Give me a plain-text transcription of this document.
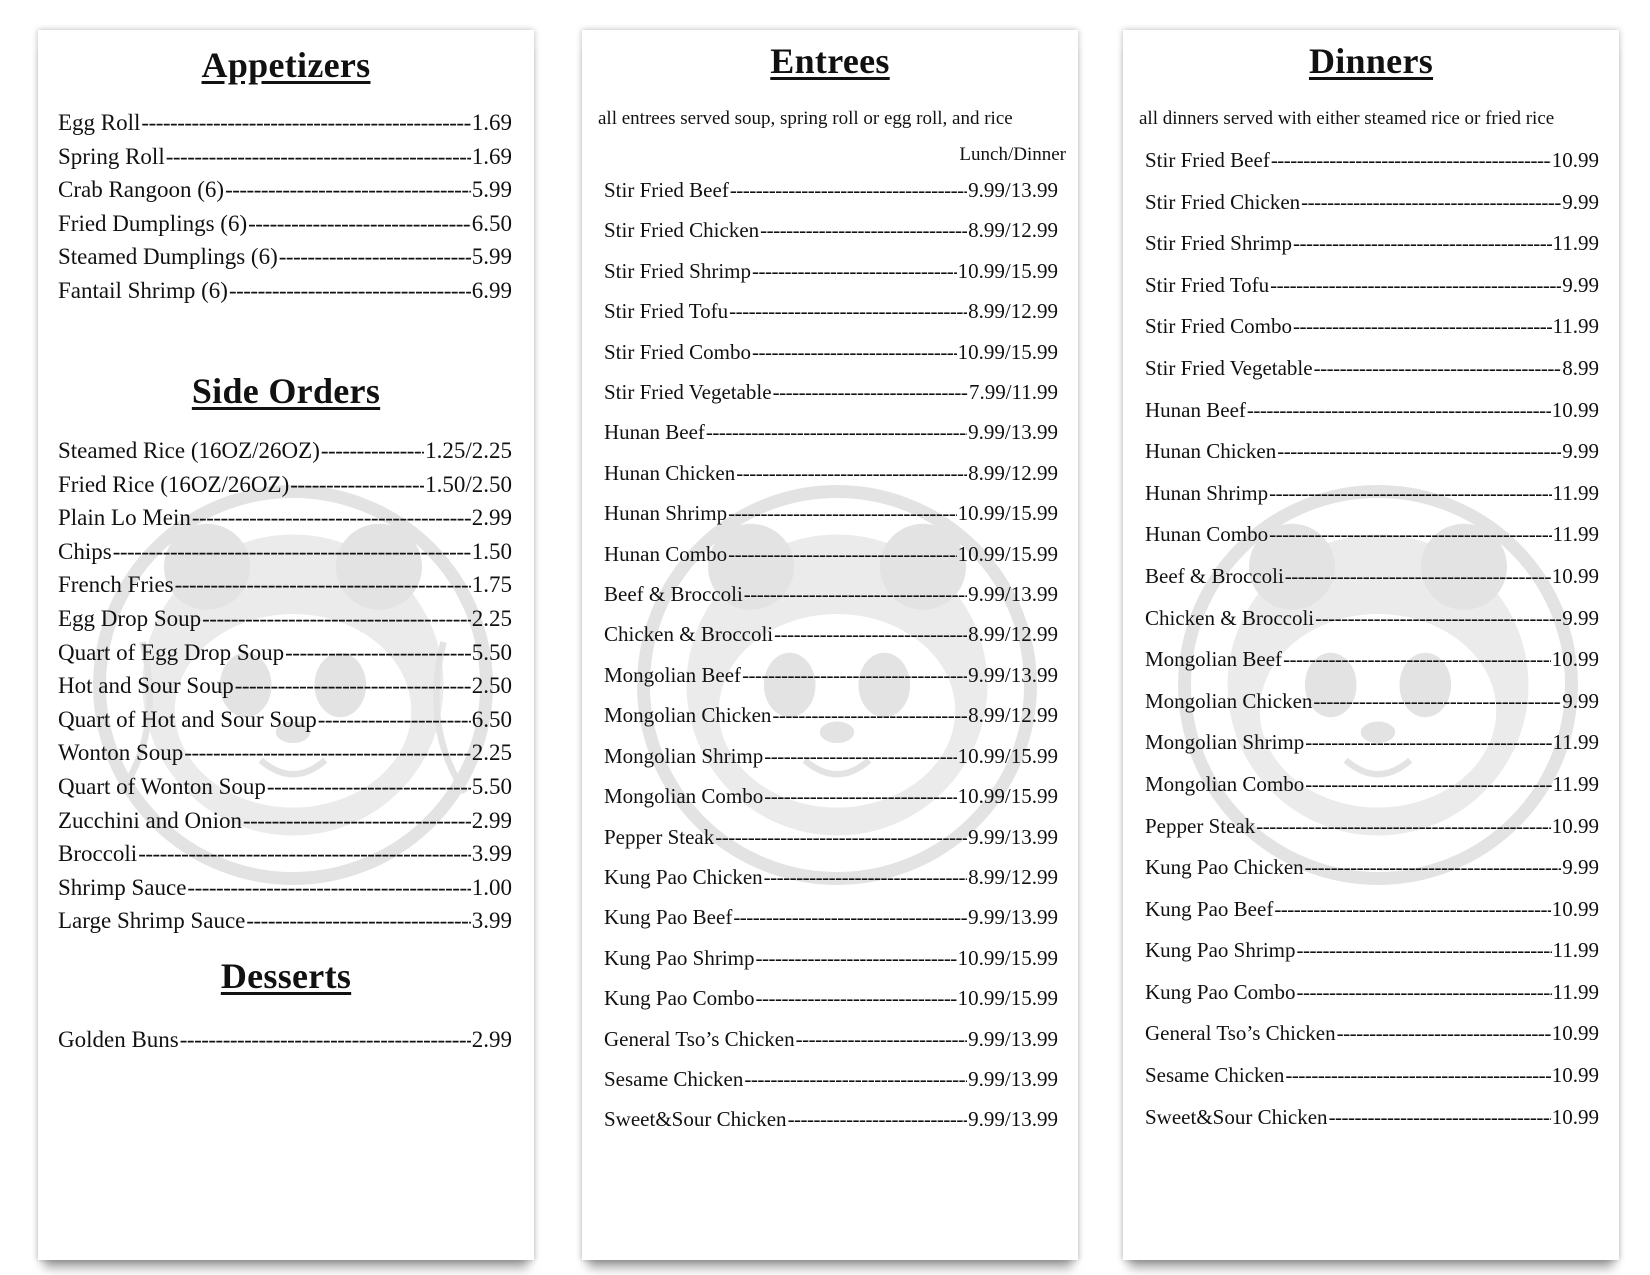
Appetizers
Egg Roll -----	1.69
Spring Roll -----	1.69
Crab Rangoon (6) -----	5.99
Fried Dumplings (6) -----	6.50
Steamed Dumplings (6) -----	5.99
Fantail Shrimp (6) -----	6.99
Side Orders
Steamed Rice (16OZ/26OZ) -----	1.25/2.25
Fried Rice (16OZ/26OZ) -----	1.50/2.50
Plain Lo Mein -----	2.99
Chips -----	1.50
French Fries -----	1.75
Egg Drop Soup -----	2.25
Quart of Egg Drop Soup -----	5.50
Hot and Sour Soup -----	2.50
Quart of Hot and Sour Soup -----	6.50
Wonton Soup -----	2.25
Quart of Wonton Soup -----	5.50
Zucchini and Onion -----	2.99
Broccoli -----	3.99
Shrimp Sauce -----	1.00
Large Shrimp Sauce -----	3.99
Desserts
Golden Buns -----	2.99
Entrees
all entrees served soup, spring roll or egg roll, and rice
Lunch/Dinner
Stir Fried Beef -----	9.99/13.99
Stir Fried Chicken -----	8.99/12.99
Stir Fried Shrimp -----	10.99/15.99
Stir Fried Tofu -----	8.99/12.99
Stir Fried Combo -----	10.99/15.99
Stir Fried Vegetable -----	7.99/11.99
Hunan Beef -----	9.99/13.99
Hunan Chicken -----	8.99/12.99
Hunan Shrimp -----	10.99/15.99
Hunan Combo -----	10.99/15.99
Beef & Broccoli -----	9.99/13.99
Chicken & Broccoli -----	8.99/12.99
Mongolian Beef -----	9.99/13.99
Mongolian Chicken -----	8.99/12.99
Mongolian Shrimp -----	10.99/15.99
Mongolian Combo -----	10.99/15.99
Pepper Steak -----	9.99/13.99
Kung Pao Chicken -----	8.99/12.99
Kung Pao Beef -----	9.99/13.99
Kung Pao Shrimp -----	10.99/15.99
Kung Pao Combo -----	10.99/15.99
General Tso’s Chicken -----	9.99/13.99
Sesame Chicken -----	9.99/13.99
Sweet&Sour Chicken -----	9.99/13.99
Dinners
all dinners served with either steamed rice or fried rice
Stir Fried Beef -----	10.99
Stir Fried Chicken -----	9.99
Stir Fried Shrimp -----	11.99
Stir Fried Tofu -----	9.99
Stir Fried Combo -----	11.99
Stir Fried Vegetable -----	8.99
Hunan Beef -----	10.99
Hunan Chicken -----	9.99
Hunan Shrimp -----	11.99
Hunan Combo -----	11.99
Beef & Broccoli -----	10.99
Chicken & Broccoli -----	9.99
Mongolian Beef -----	10.99
Mongolian Chicken -----	9.99
Mongolian Shrimp -----	11.99
Mongolian Combo -----	11.99
Pepper Steak -----	10.99
Kung Pao Chicken -----	9.99
Kung Pao Beef -----	10.99
Kung Pao Shrimp -----	11.99
Kung Pao Combo -----	11.99
General Tso’s Chicken -----	10.99
Sesame Chicken -----	10.99
Sweet&Sour Chicken -----	10.99
